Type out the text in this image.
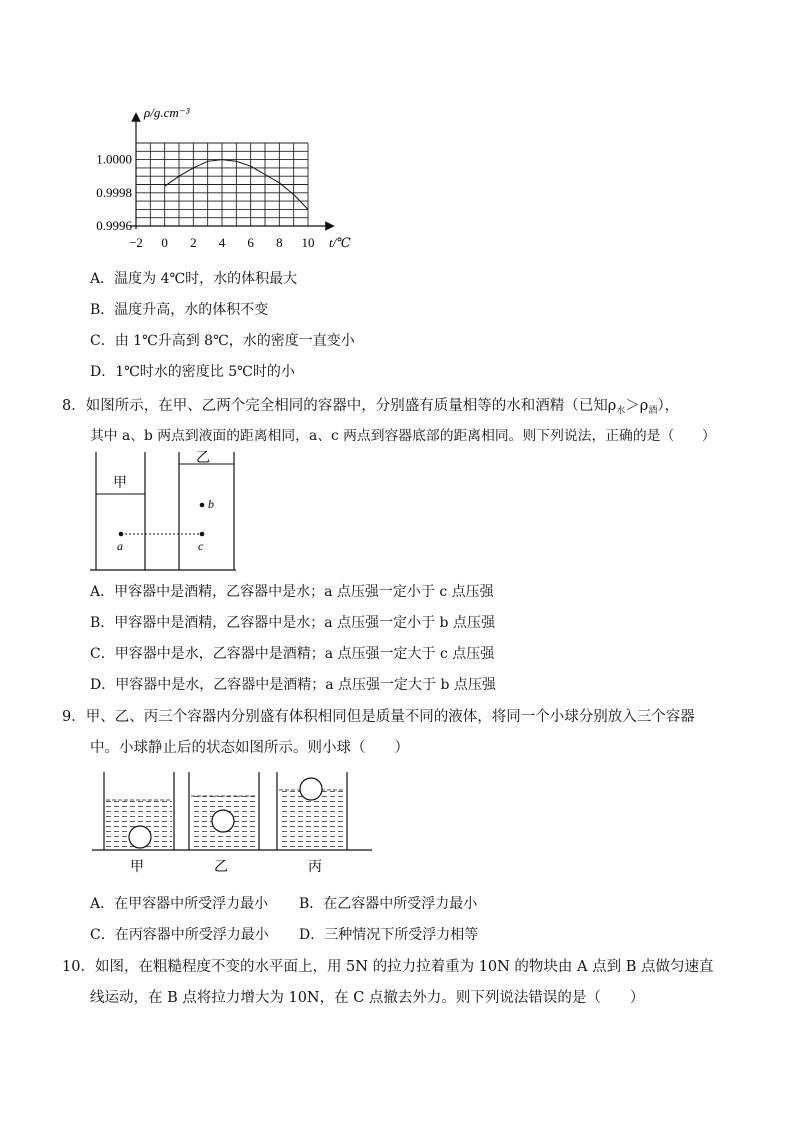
ρ/g.cm⁻³
t/℃
−2 0 2 4 6 8 10
1.0000
0.9998
0.9996
A．温度为 4℃时，水的体积最大
B．温度升高，水的体积不变
C．由 1℃升高到 8℃，水的密度一直变小
D．1℃时水的密度比 5℃时的小
8．如图所示，在甲、乙两个完全相同的容器中，分别盛有质量相等的水和酒精（已知$\rho_水>\rho_酒$），
其中 a、b 两点到液面的距离相同，a、c 两点到容器底部的距离相同。则下列说法，正确的是（　　）
甲
乙
a	c
b
A．甲容器中是酒精，乙容器中是水；a 点压强一定小于 c 点压强
B．甲容器中是酒精，乙容器中是水；a 点压强一定小于 b 点压强
C．甲容器中是水，乙容器中是酒精；a 点压强一定大于 c 点压强
D．甲容器中是水，乙容器中是酒精；a 点压强一定大于 b 点压强
9．甲、乙、丙三个容器内分别盛有体积相同但是质量不同的液体，将同一个小球分别放入三个容器
中。小球静止后的状态如图所示。则小球（　　）
甲	乙	丙
A．在甲容器中所受浮力最小 B．在乙容器中所受浮力最小
C．在丙容器中所受浮力最小 D．三种情况下所受浮力相等
10．如图，在粗糙程度不变的水平面上，用 5N 的拉力拉着重为 10N 的物块由 A 点到 B 点做匀速直
线运动，在 B 点将拉力增大为 10N，在 C 点撤去外力。则下列说法错误的是（　　）
